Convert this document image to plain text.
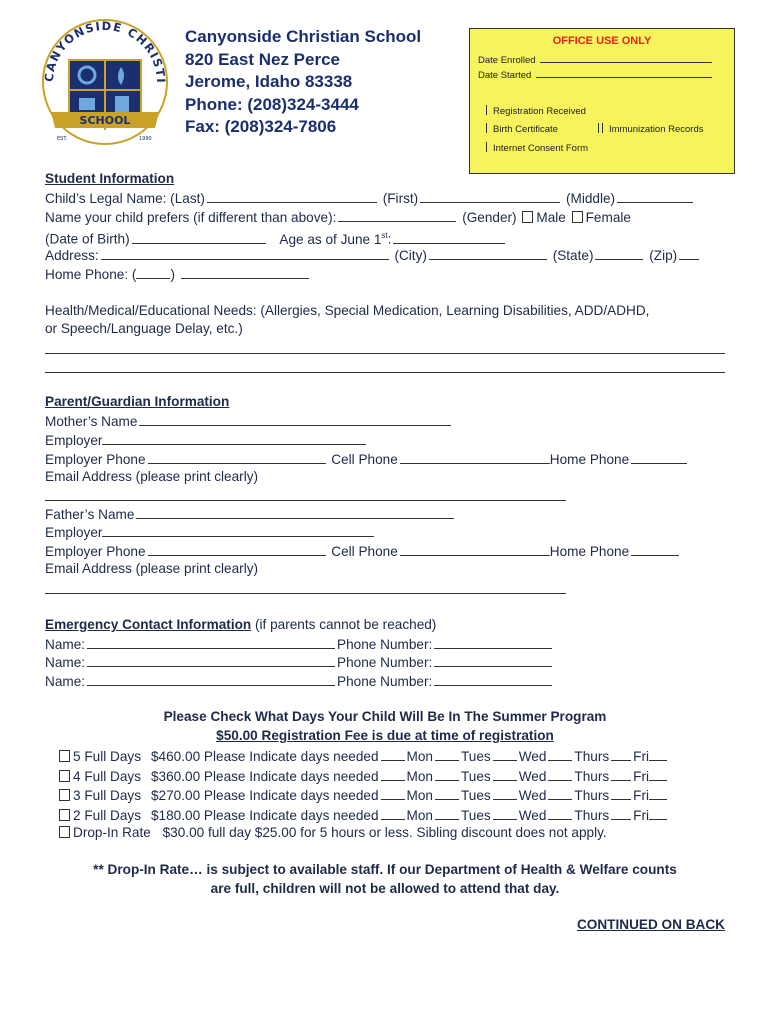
CANYONSIDE CHRISTI
SCHOOL
EST.	1990
Canyonside Christian School
820 East Nez Perce
Jerome, Idaho 83338
Phone: (208)324-3444
Fax: (208)324-7806
OFFICE USE ONLY
Date Enrolled
Date Started
Registration Received
Birth Certificate	Immunization Records
Internet Consent Form
Student Information
Child’s Legal Name: (Last)	(First)	(Middle)
Name your child prefers (if different than above):	(Gender) Male Female
(Date of Birth)	Age as of June 1st:
Address:	(City)	(State)	(Zip)
Home Phone: (	)
Health/Medical/Educational Needs: (Allergies, Special Medication, Learning Disabilities, ADD/ADHD,
or Speech/Language Delay, etc.)
Parent/Guardian Information
Mother’s Name
Employer
Employer Phone	Cell Phone	Home Phone
Email Address (please print clearly)
Father’s Name
Employer
Employer Phone	Cell Phone	Home Phone
Email Address (please print clearly)
Emergency Contact Information (if parents cannot be reached)
Name:	Phone Number:
Name:	Phone Number:
Name:	Phone Number:
Please Check What Days Your Child Will Be In The Summer Program
$50.00 Registration Fee is due at time of registration
5 Full Days $460.00 Please Indicate days needed Mon Tues Wed Thurs Fri
4 Full Days $360.00 Please Indicate days needed Mon Tues Wed Thurs Fri
3 Full Days $270.00 Please Indicate days needed Mon Tues Wed Thurs Fri
2 Full Days $180.00 Please Indicate days needed Mon Tues Wed Thurs Fri
Drop-In Rate $30.00 full day $25.00 for 5 hours or less. Sibling discount does not apply.
** Drop-In Rate… is subject to available staff. If our Department of Health & Welfare counts
are full, children will not be allowed to attend that day.
CONTINUED ON BACK
